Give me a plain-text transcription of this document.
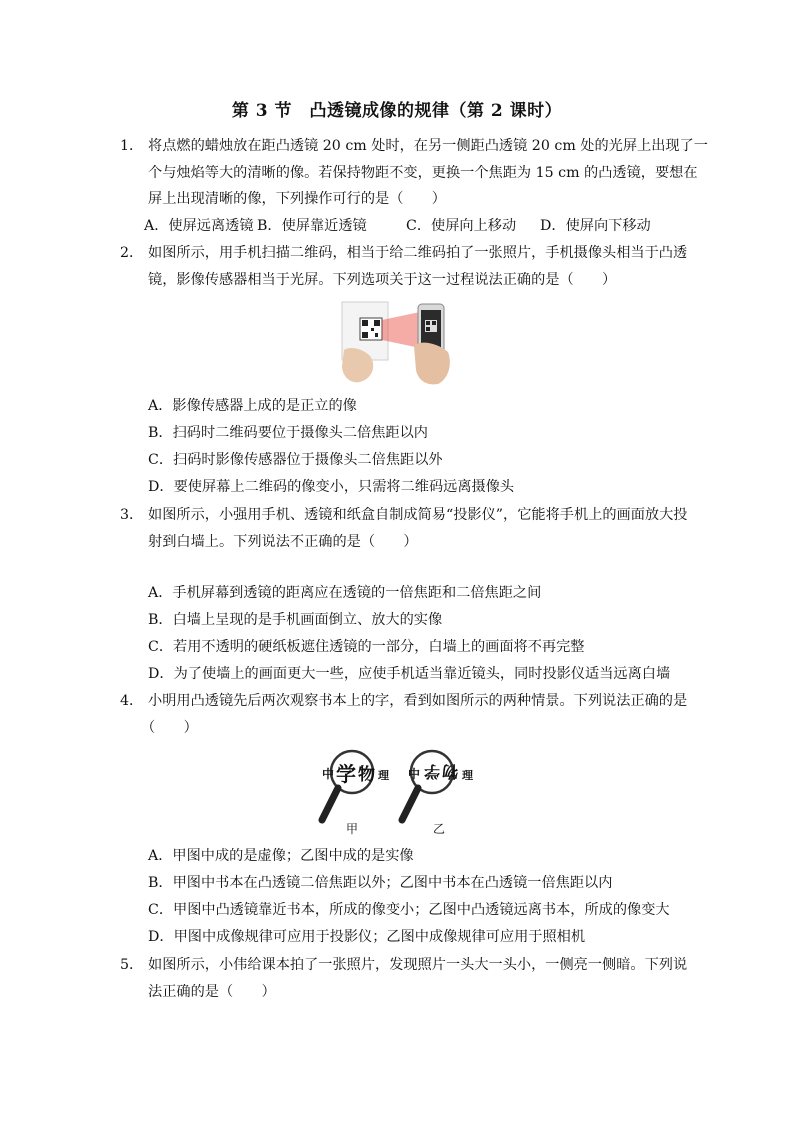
第 3 节　凸透镜成像的规律（第 2 课时）
1． 将点燃的蜡烛放在距凸透镜 20 cm 处时，在另一侧距凸透镜 20 cm 处的光屏上出现了一
个与烛焰等大的清晰的像。若保持物距不变，更换一个焦距为 15 cm 的凸透镜，要想在
屏上出现清晰的像，下列操作可行的是（　　）
A．使屏远离透镜 B．使屏靠近透镜	C．使屏向上移动 D．使屏向下移动
2． 如图所示，用手机扫描二维码，相当于给二维码拍了一张照片，手机摄像头相当于凸透
镜，影像传感器相当于光屏。下列选项关于这一过程说法正确的是（　　）
A．影像传感器上成的是正立的像
B．扫码时二维码要位于摄像头二倍焦距以内
C．扫码时影像传感器位于摄像头二倍焦距以外
D．要使屏幕上二维码的像变小，只需将二维码远离摄像头
3． 如图所示，小强用手机、透镜和纸盒自制成简易“投影仪”，它能将手机上的画面放大投
射到白墙上。下列说法不正确的是（　　）
A．手机屏幕到透镜的距离应在透镜的一倍焦距和二倍焦距之间
B．白墙上呈现的是手机画面倒立、放大的实像
C．若用不透明的硬纸板遮住透镜的一部分，白墙上的画面将不再完整
D．为了使墙上的画面更大一些，应使手机适当靠近镜头，同时投影仪适当远离白墙
4． 小明用凸透镜先后两次观察书本上的字，看到如图所示的两种情景。下列说法正确的是
（　　）
中 学 物 理 中 学 物 理
甲	乙
A．甲图中成的是虚像；乙图中成的是实像
B．甲图中书本在凸透镜二倍焦距以外；乙图中书本在凸透镜一倍焦距以内
C．甲图中凸透镜靠近书本，所成的像变小；乙图中凸透镜远离书本，所成的像变大
D．甲图中成像规律可应用于投影仪；乙图中成像规律可应用于照相机
5． 如图所示，小伟给课本拍了一张照片，发现照片一头大一头小，一侧亮一侧暗。下列说
法正确的是（　　）
